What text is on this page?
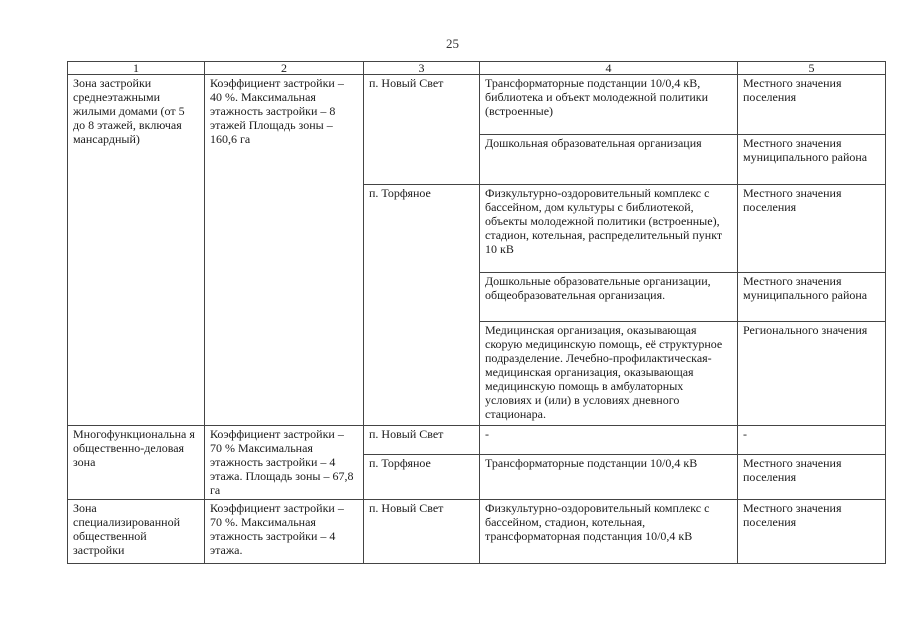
25
1	2	3	4	5
Зона застройки среднеэтажными жилыми домами (от 5 до 8 этажей, включая мансардный)	Коэффициент застройки – 40 %. Максимальная этажность застройки – 8 этажей Площадь зоны – 160,6 га	п. Новый Свет	Трансформаторные подстанции 10/0,4 кВ, библиотека и объект молодежной политики (встроенные)	Местного значения поселения
			Дошкольная образовательная организация	Местного значения муниципального района
		п. Торфяное	Физкультурно-оздоровительный комплекс с бассейном, дом культуры с библиотекой, объекты молодежной политики (встроенные), стадион, котельная, распределительный пункт 10 кВ	Местного значения поселения
			Дошкольные образовательные организации, общеобразовательная организация.	Местного значения муниципального района
			Медицинская организация, оказывающая скорую медицинскую помощь, её структурное подразделение. Лечебно-профилактическая-медицинская организация, оказывающая медицинскую помощь в амбулаторных условиях и (или) в условиях дневного стационара.	Регионального значения
Многофункциональна я общественно-деловая зона	Коэффициент застройки – 70 % Максимальная этажность застройки – 4 этажа. Площадь зоны – 67,8 га	п. Новый Свет	-	-
		п. Торфяное	Трансформаторные подстанции 10/0,4 кВ	Местного значения поселения
Зона специализированной общественной застройки	Коэффициент застройки – 70 %. Максимальная этажность застройки – 4 этажа.	п. Новый Свет	Физкультурно-оздоровительный комплекс с бассейном, стадион, котельная, трансформаторная подстанция 10/0,4 кВ	Местного значения поселения
